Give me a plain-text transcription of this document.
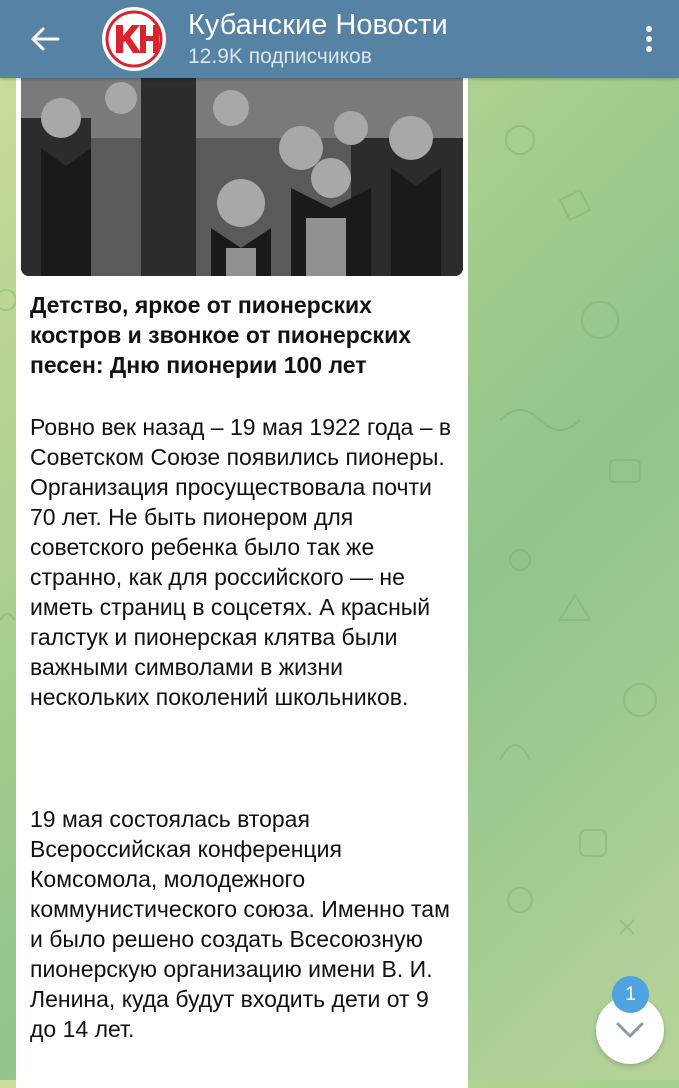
Кубанские Новости
12.9K подписчиков
Детство, яркое от пионерских костров и звонкое от пионерских песен: Дню пионерии 100 лет
Ровно век назад – 19 мая 1922 года – в Советском Союзе появились пионеры. Организация просуществовала почти 70 лет. Не быть пионером для советского ребенка было так же странно, как для российского — не иметь страниц в соцсетях. А красный галстук и пионерская клятва были важными символами в жизни нескольких поколений школьников.
19 мая состоялась вторая Всероссийская конференция Комсомола, молодежного коммунистического союза. Именно там и было решено создать Всесоюзную пионерскую организацию имени В. И. Ленина, куда будут входить дети от 9 до 14 лет.
1
